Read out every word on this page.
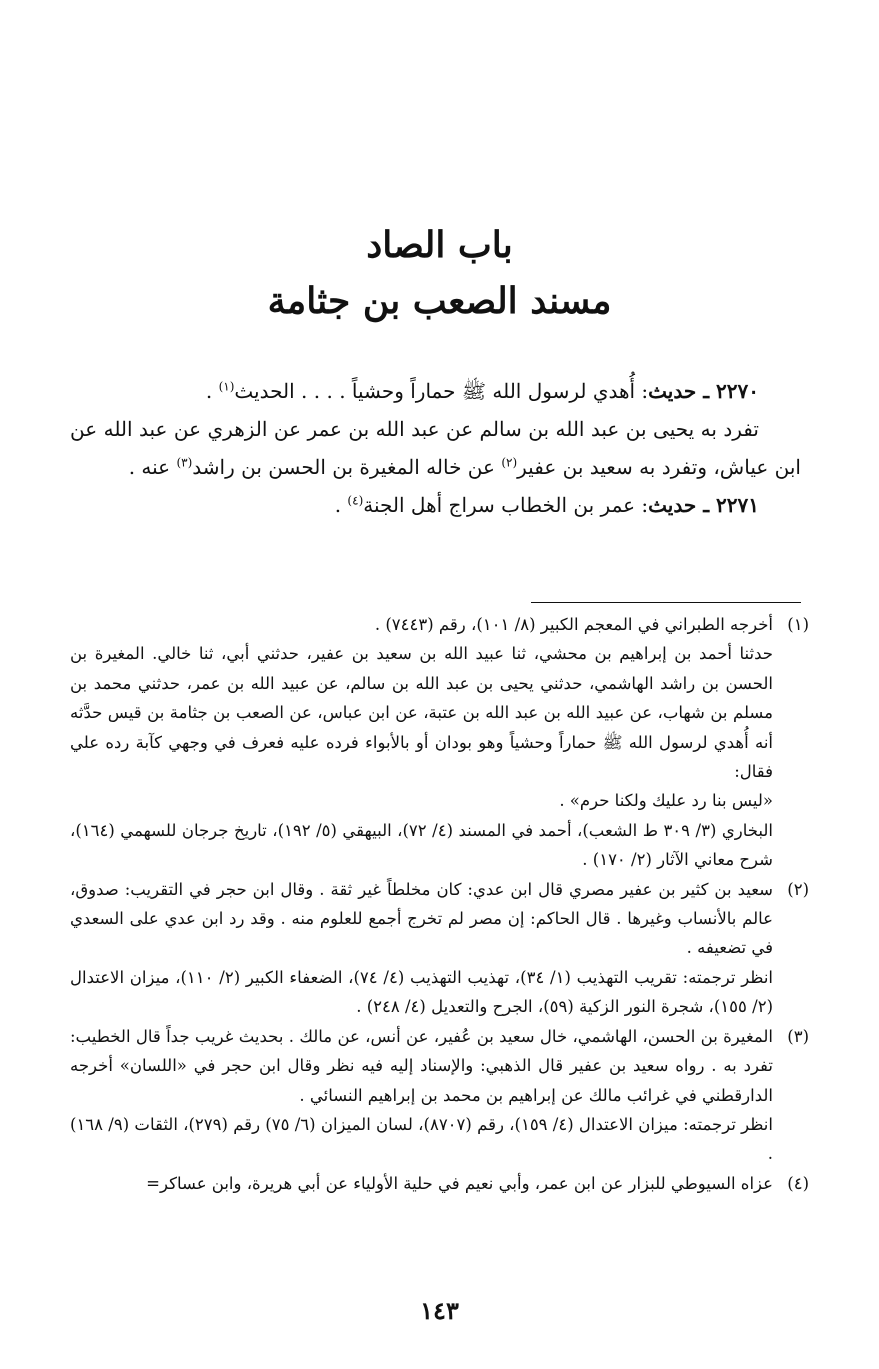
باب الصاد
مسند الصعب بن جثامة

٢٢٧٠ ـ حديث: أُهدي لرسول الله ﷺ حماراً وحشياً . . . . الحديث$^{(١)}$ .

تفرد به يحيى بن عبد الله بن سالم عن عبد الله بن عمر عن الزهري عن عبد الله عن ابن عياش، وتفرد به سعيد بن عفير$^{(٢)}$ عن خاله المغيرة بن الحسن بن راشد$^{(٣)}$ عنه .

٢٢٧١ ـ حديث: عمر بن الخطاب سراج أهل الجنة$^{(٤)}$ .

(١)

أخرجه الطبراني في المعجم الكبير (٨/ ١٠١)، رقم (٧٤٤٣) .

حدثنا أحمد بن إبراهيم بن محشي، ثنا عبيد الله بن سعيد بن عفير، حدثني أبي، ثنا خالي. المغيرة بن الحسن بن راشد الهاشمي، حدثني يحيى بن عبد الله بن سالم، عن عبيد الله بن عمر، حدثني محمد بن مسلم بن شهاب، عن عبيد الله بن عبد الله بن عتبة، عن ابن عباس، عن الصعب بن جثامة بن قيس حدَّثه أنه أُهدي لرسول الله ﷺ حماراً وحشياً وهو بودان أو بالأبواء فرده عليه فعرف في وجهي كآبة رده علي فقال:

«ليس بنا رد عليك ولكنا حرم» .

البخاري (٣/ ٣٠٩ ط الشعب)، أحمد في المسند (٤/ ٧٢)، البيهقي (٥/ ١٩٢)، تاريخ جرجان للسهمي (١٦٤)، شرح معاني الآثار (٢/ ١٧٠) .

(٢)

سعيد بن كثير بن عفير مصري قال ابن عدي: كان مخلطاً غير ثقة . وقال ابن حجر في التقريب: صدوق، عالم بالأنساب وغيرها . قال الحاكم: إن مصر لم تخرج أجمع للعلوم منه . وقد رد ابن عدي على السعدي في تضعيفه .

انظر ترجمته: تقريب التهذيب (١/ ٣٤)، تهذيب التهذيب (٤/ ٧٤)، الضعفاء الكبير (٢/ ١١٠)، ميزان الاعتدال (٢/ ١٥٥)، شجرة النور الزكية (٥٩)، الجرح والتعديل (٤/ ٢٤٨) .

(٣)

المغيرة بن الحسن، الهاشمي، خال سعيد بن عُفير، عن أنس، عن مالك . بحديث غريب جداً قال الخطيب: تفرد به . رواه سعيد بن عفير قال الذهبي: والإسناد إليه فيه نظر وقال ابن حجر في «اللسان» أخرجه الدارقطني في غرائب مالك عن إبراهيم بن محمد بن إبراهيم النسائي .

انظر ترجمته: ميزان الاعتدال (٤/ ١٥٩)، رقم (٨٧٠٧)، لسان الميزان (٦/ ٧٥) رقم (٢٧٩)، الثقات (٩/ ١٦٨) .

(٤)

عزاه السيوطي للبزار عن ابن عمر، وأبي نعيم في حلية الأولياء عن أبي هريرة، وابن عساكر=

١٤٣
